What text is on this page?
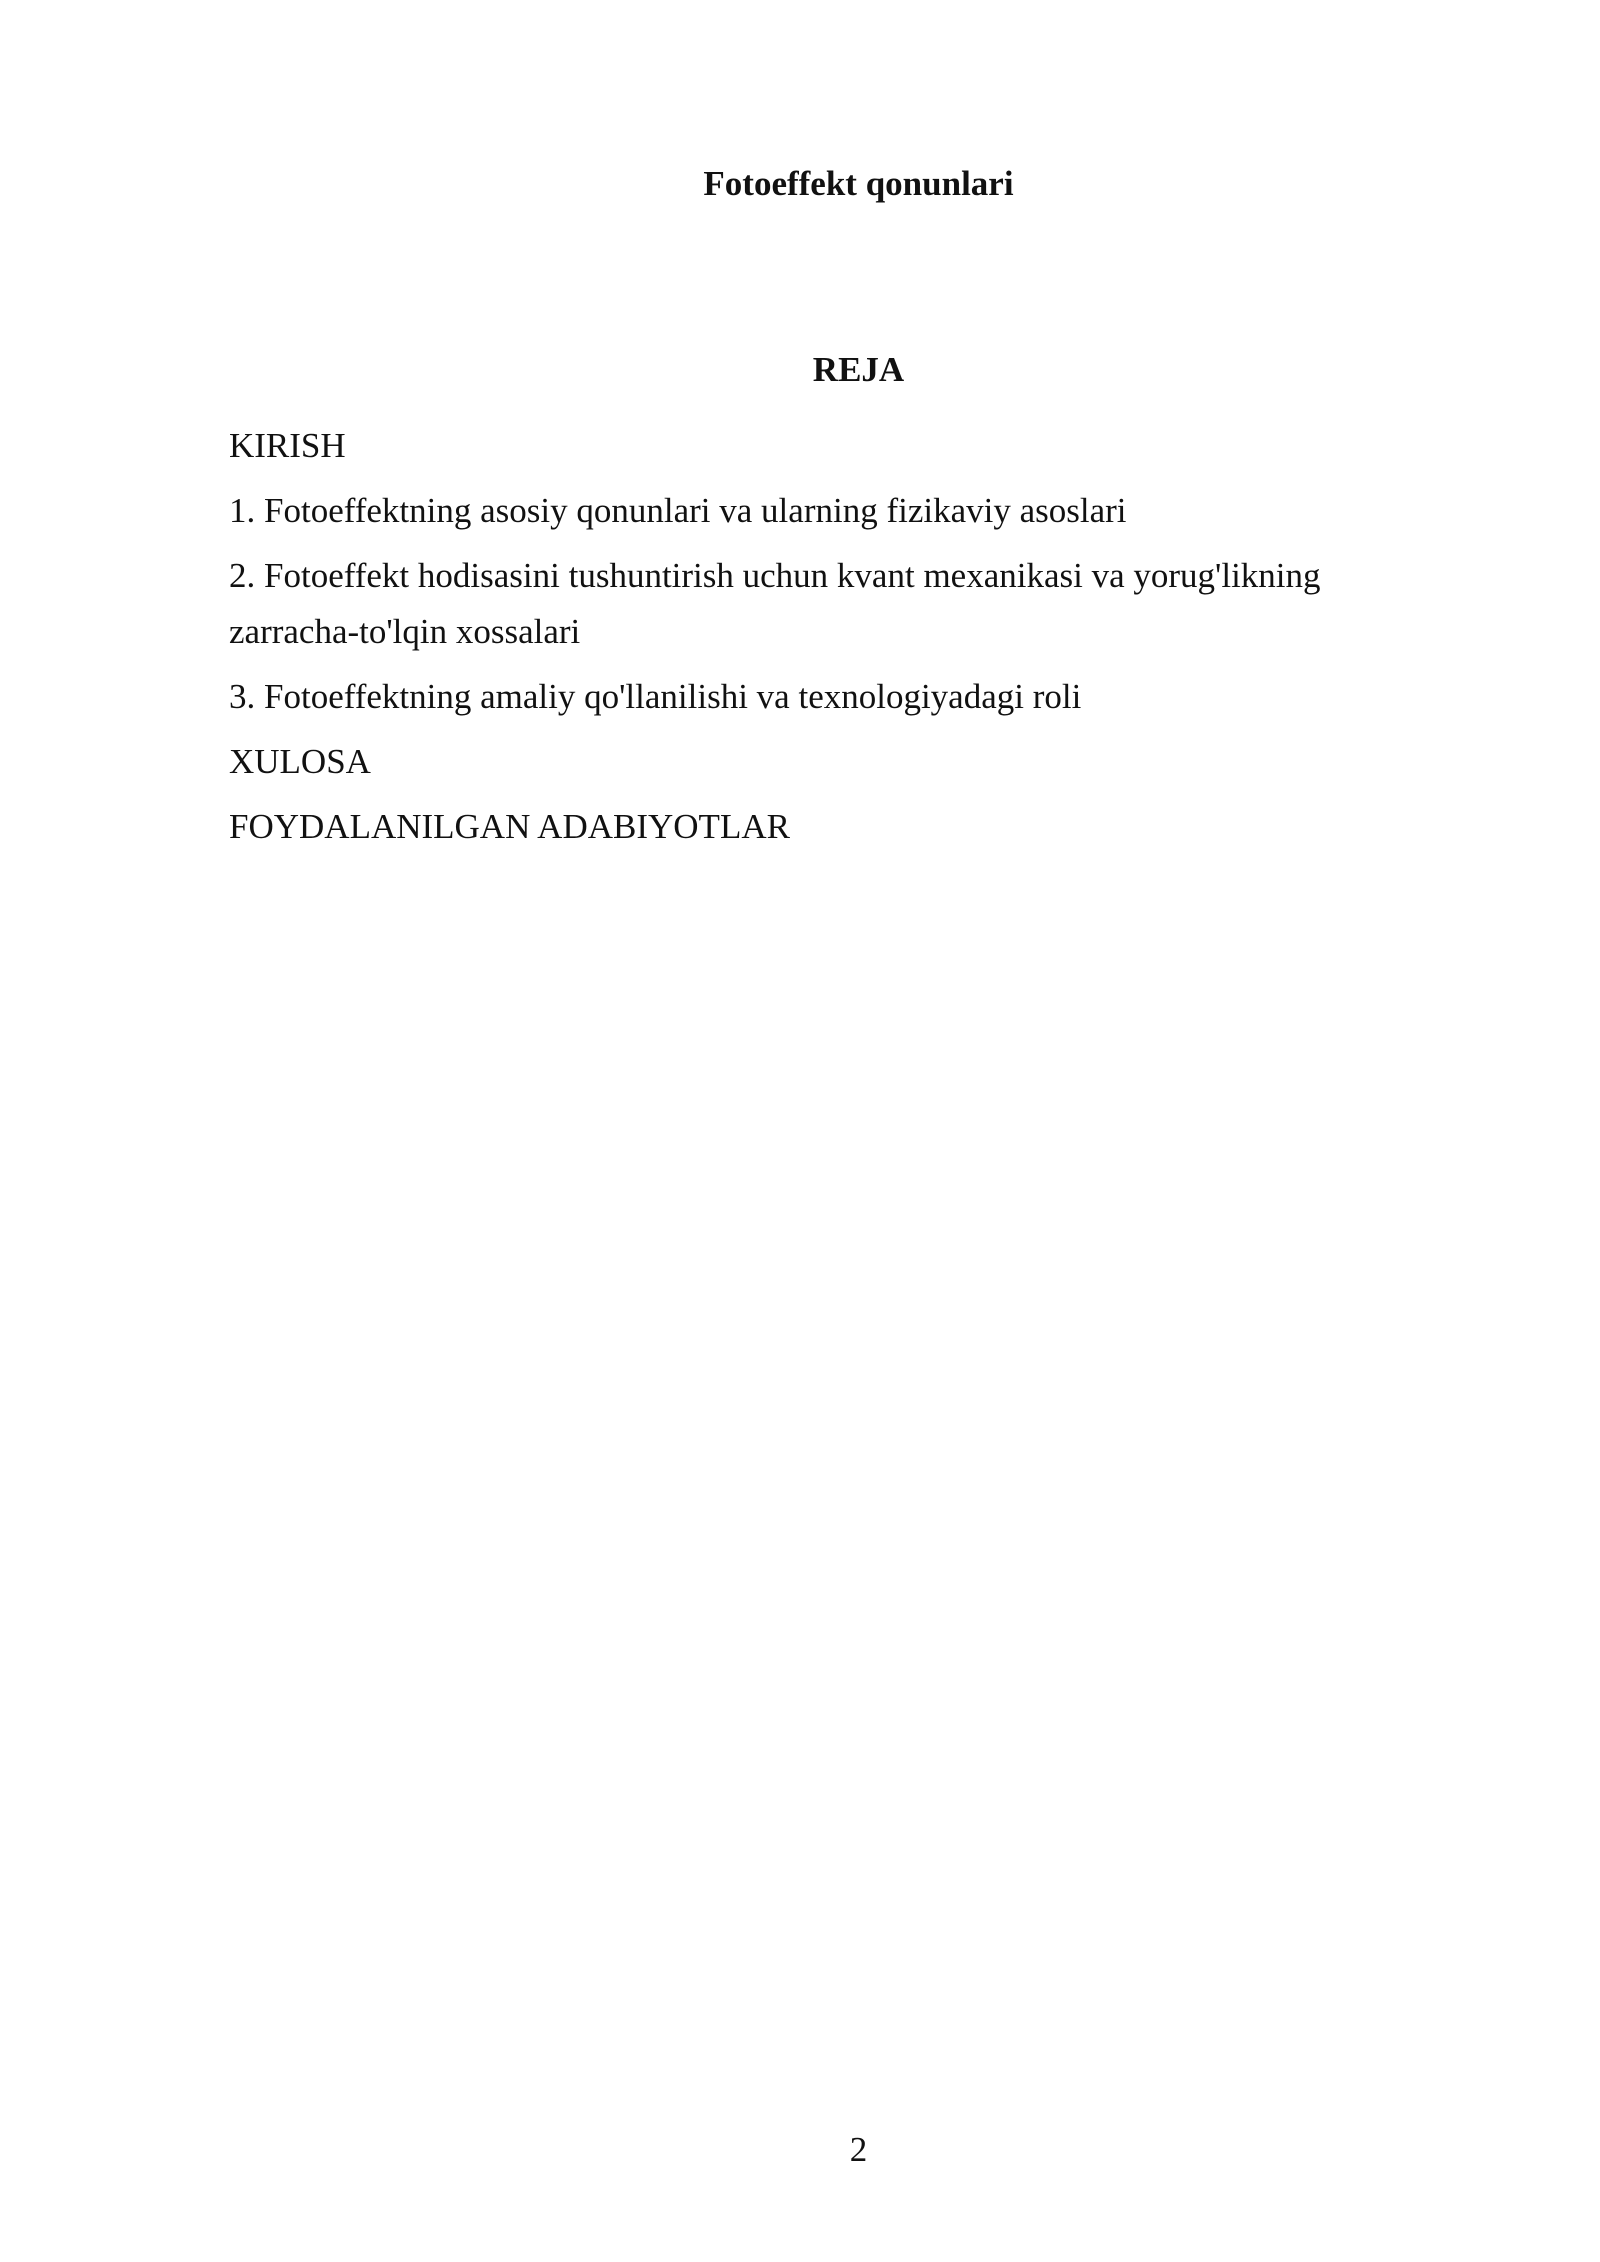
Fotoeffekt qonunlari
REJA
KIRISH
1. Fotoeffektning asosiy qonunlari va ularning fizikaviy asoslari
2. Fotoeffekt hodisasini tushuntirish uchun kvant mexanikasi va yorug'likning zarracha-to'lqin xossalari
3. Fotoeffektning amaliy qo'llanilishi va texnologiyadagi roli
XULOSA
FOYDALANILGAN ADABIYOTLAR
2
